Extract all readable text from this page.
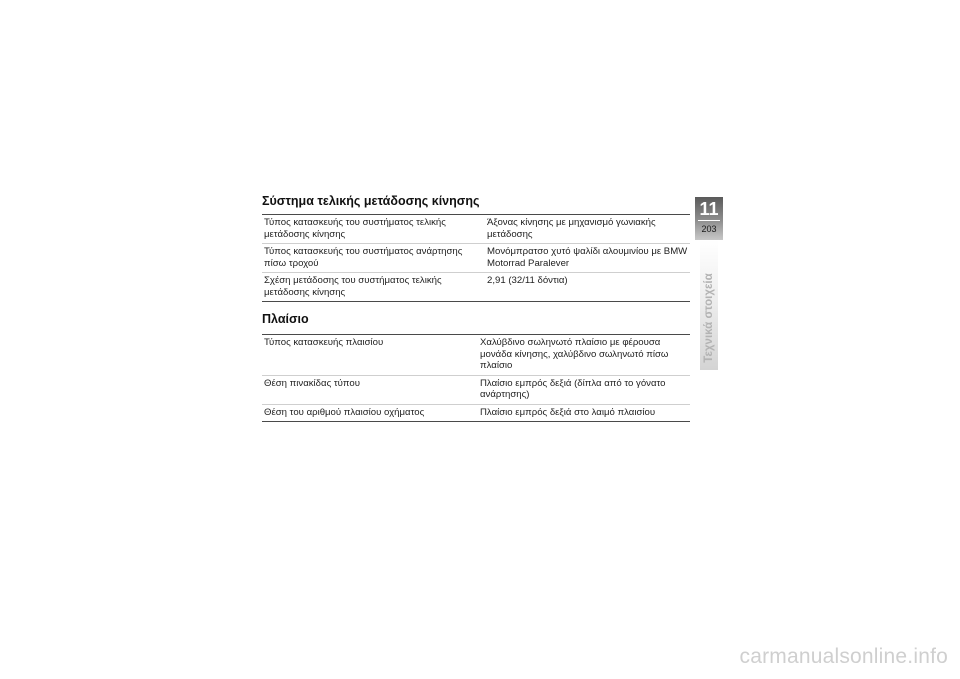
Σύστημα τελικής μετάδοσης κίνησης
Τύπος κατασκευής του συστήματος τελικής μετάδοσης κίνησης	Άξονας κίνησης με μηχανισμό γωνιακής μετάδοσης
Τύπος κατασκευής του συστήματος ανάρτησης πίσω τροχού	Μονόμπρατσο χυτό ψαλίδι αλουμινίου με BMW Motorrad Paralever
Σχέση μετάδοσης του συστήματος τελικής μετάδοσης κίνησης	2,91 (32/11 δόντια)
Πλαίσιο
Τύπος κατασκευής πλαισίου	Χαλύβδινο σωληνωτό πλαίσιο με φέρουσα μονάδα κίνησης, χαλύβδινο σωληνωτό πίσω πλαίσιο
Θέση πινακίδας τύπου	Πλαίσιο εμπρός δεξιά (δίπλα από το γόνατο ανάρτησης)
Θέση του αριθμού πλαισίου οχήματος	Πλαίσιο εμπρός δεξιά στο λαιμό πλαισίου
11
203
Τεχνικά στοιχεία
carmanualsonline.info
